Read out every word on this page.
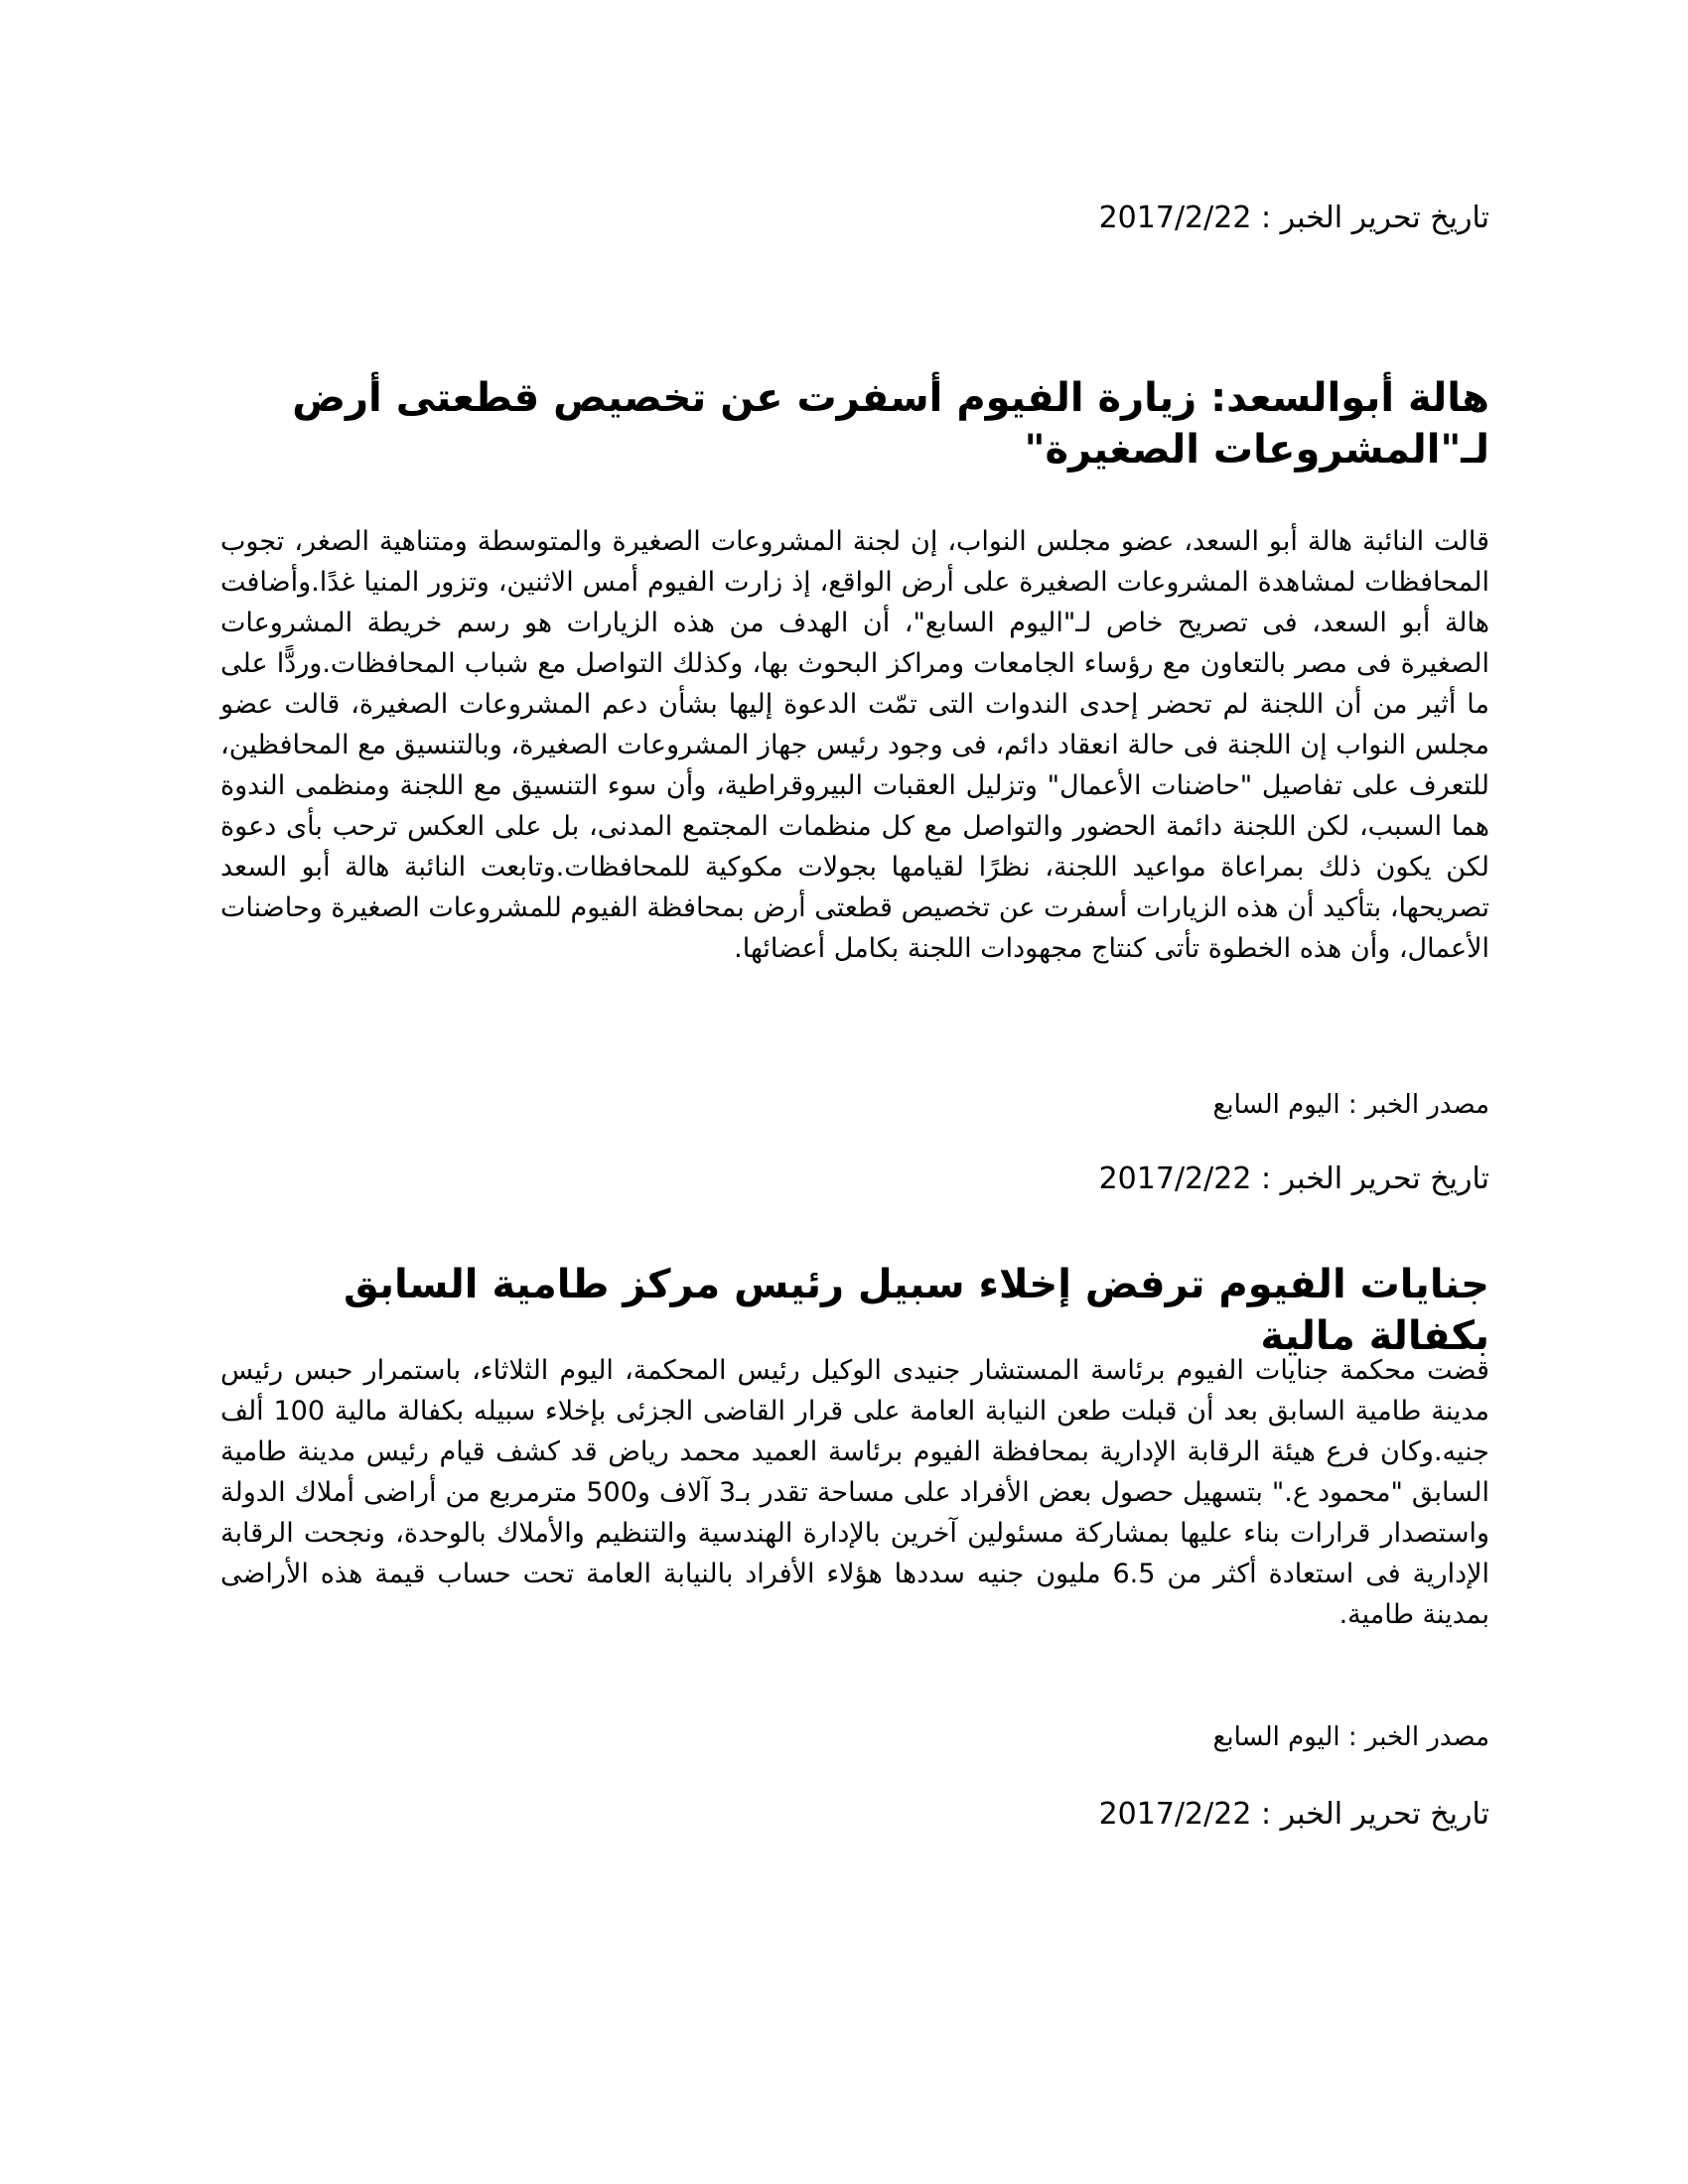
تاريخ تحرير الخبر : 2017/2/22
هالة أبوالسعد: زيارة الفيوم أسفرت عن تخصيص قطعتى أرض لـ"المشروعات الصغيرة"

قالت النائبة هالة أبو السعد، عضو مجلس النواب، إن لجنة المشروعات الصغيرة والمتوسطة ومتناهية الصغر، تجوب المحافظات لمشاهدة المشروعات الصغيرة على أرض الواقع، إذ زارت الفيوم أمس الاثنين، وتزور المنيا غدًا.وأضافت هالة أبو السعد، فى تصريح خاص لـ"اليوم السابع"، أن الهدف من هذه الزيارات هو رسم خريطة المشروعات الصغيرة فى مصر بالتعاون مع رؤساء الجامعات ومراكز البحوث بها، وكذلك التواصل مع شباب المحافظات.وردًّا على ما أثير من أن اللجنة لم تحضر إحدى الندوات التى تمّت الدعوة إليها بشأن دعم المشروعات الصغيرة، قالت عضو مجلس النواب إن اللجنة فى حالة انعقاد دائم، فى وجود رئيس جهاز المشروعات الصغيرة، وبالتنسيق مع المحافظين، للتعرف على تفاصيل "حاضنات الأعمال" وتزليل العقبات البيروقراطية، وأن سوء التنسيق مع اللجنة ومنظمى الندوة هما السبب، لكن اللجنة دائمة الحضور والتواصل مع كل منظمات المجتمع المدنى، بل على العكس ترحب بأى دعوة لكن يكون ذلك بمراعاة مواعيد اللجنة، نظرًا لقيامها بجولات مكوكية للمحافظات.وتابعت النائبة هالة أبو السعد تصريحها، بتأكيد أن هذه الزيارات أسفرت عن تخصيص قطعتى أرض بمحافظة الفيوم للمشروعات الصغيرة وحاضنات الأعمال، وأن هذه الخطوة تأتى كنتاج مجهودات اللجنة بكامل أعضائها.

مصدر الخبر : اليوم السابع
تاريخ تحرير الخبر : 2017/2/22
جنايات الفيوم ترفض إخلاء سبيل رئيس مركز طامية السابق بكفالة مالية

قضت محكمة جنايات الفيوم برئاسة المستشار جنيدى الوكيل رئيس المحكمة، اليوم الثلاثاء، باستمرار حبس رئيس مدينة طامية السابق بعد أن قبلت طعن النيابة العامة على قرار القاضى الجزئى بإخلاء سبيله بكفالة مالية 100 ألف جنيه.وكان فرع هيئة الرقابة الإدارية بمحافظة الفيوم برئاسة العميد محمد رياض قد كشف قيام رئيس مدينة طامية السابق "محمود ع." بتسهيل حصول بعض الأفراد على مساحة تقدر بـ3 آلاف و500 مترمربع من أراضى أملاك الدولة واستصدار قرارات بناء عليها بمشاركة مسئولين آخرين بالإدارة الهندسية والتنظيم والأملاك بالوحدة، ونجحت الرقابة الإدارية فى استعادة أكثر من 6.5 مليون جنيه سددها هؤلاء الأفراد بالنيابة العامة تحت حساب قيمة هذه الأراضى بمدينة طامية.

مصدر الخبر : اليوم السابع
تاريخ تحرير الخبر : 2017/2/22
